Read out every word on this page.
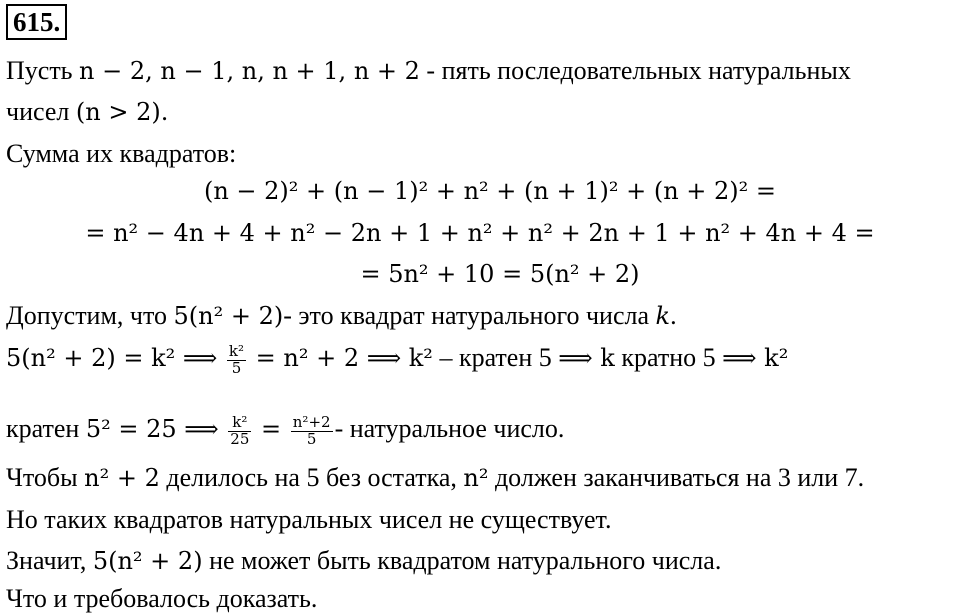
615.
Пусть n − 2, n − 1, n, n + 1, n + 2 - пять последовательных натуральных
чисел (n > 2).
Сумма их квадратов:
(n − 2)² + (n − 1)² + n² + (n + 1)² + (n + 2)² =
= n² − 4n + 4 + n² − 2n + 1 + n² + n² + 2n + 1 + n² + 4n + 4 =
= 5n² + 10 = 5(n² + 2)
Допустим, что 5(n² + 2)- это квадрат натурального числа k.
5(n² + 2) = k² ⟹ $\frac{\text{k²}}{5} = n^2 + 2$ ⟹ k² – кратен 5 ⟹ k кратно 5 ⟹ k²
кратен 5² = 25 ⟹ $\frac{\text{k²}}{25} = \frac{\text{n²+2}}{5}$ - натуральное число.
Чтобы n² + 2 делилось на 5 без остатка, n² должен заканчиваться на 3 или 7.
Но таких квадратов натуральных чисел не существует.
Значит, 5(n² + 2) не может быть квадратом натурального числа.
Что и требовалось доказать.
